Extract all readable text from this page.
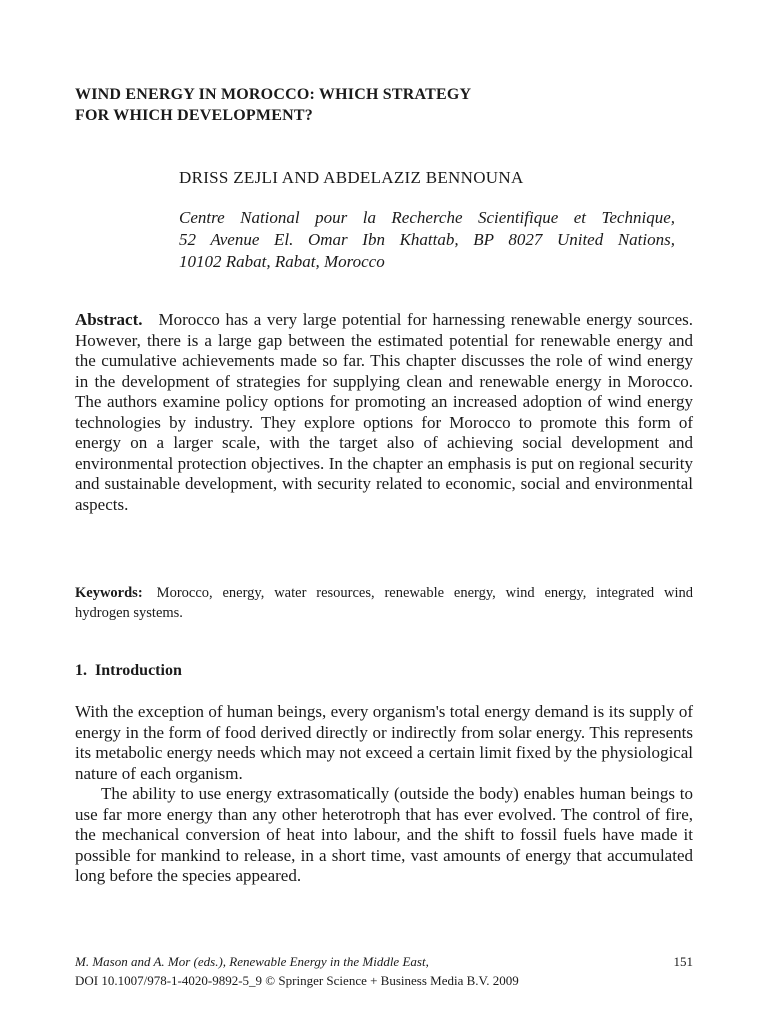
WIND ENERGY IN MOROCCO: WHICH STRATEGY
FOR WHICH DEVELOPMENT?
DRISS ZEJLI AND ABDELAZIZ BENNOUNA
Centre National pour la Recherche Scientifique et Technique,
52 Avenue El. Omar Ibn Khattab, BP 8027 United Nations,
10102 Rabat, Rabat, Morocco
Abstract. Morocco has a very large potential for harnessing renewable energy sources. However, there is a large gap between the estimated potential for renewable energy and the cumulative achievements made so far. This chapter discusses the role of wind energy in the development of strategies for supplying clean and renewable energy in Morocco. The authors examine policy options for promoting an increased adoption of wind energy technologies by industry. They explore options for Morocco to promote this form of energy on a larger scale, with the target also of achieving social development and environmental protection objectives. In the chapter an emphasis is put on regional security and sustainable development, with security related to economic, social and environmental aspects.
Keywords: Morocco, energy, water resources, renewable energy, wind energy, integrated wind hydrogen systems.
1. Introduction

With the exception of human beings, every organism's total energy demand is its supply of energy in the form of food derived directly or indirectly from solar energy. This represents its metabolic energy needs which may not exceed a certain limit fixed by the physiological nature of each organism.

The ability to use energy extrasomatically (outside the body) enables human beings to use far more energy than any other heterotroph that has ever evolved. The control of fire, the mechanical conversion of heat into labour, and the shift to fossil fuels have made it possible for mankind to release, in a short time, vast amounts of energy that accumulated long before the species appeared.

M. Mason and A. Mor (eds.), Renewable Energy in the Middle East,
DOI 10.1007/978-1-4020-9892-5_9 © Springer Science + Business Media B.V. 2009
151
